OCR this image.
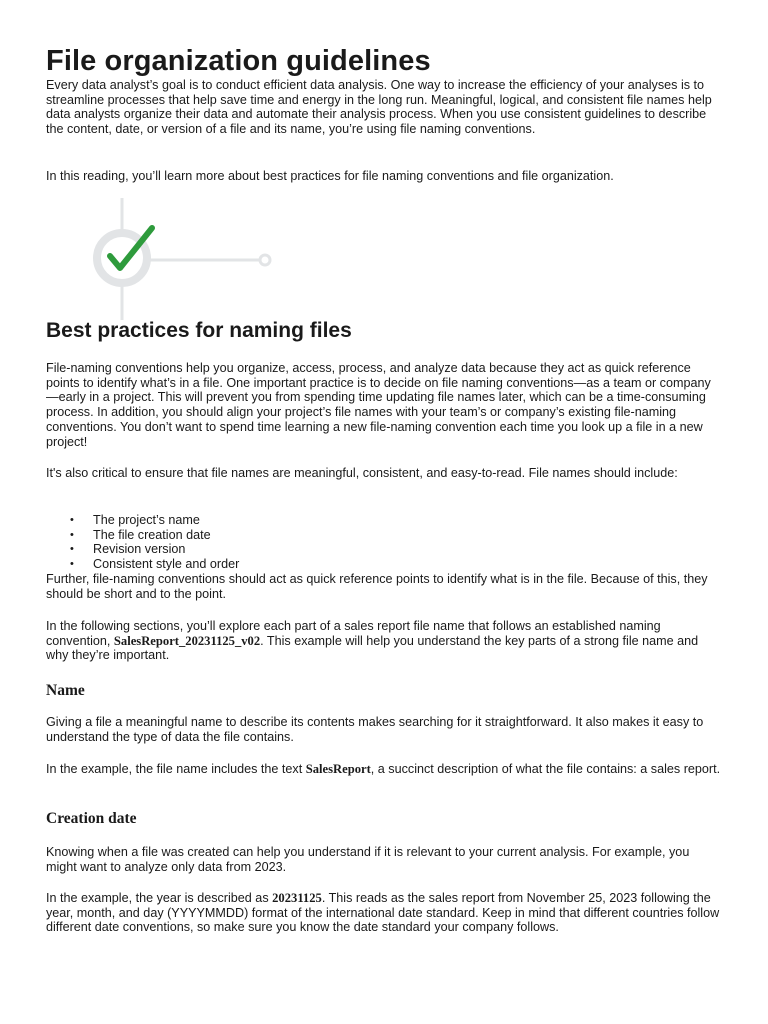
File organization guidelines

Every data analyst’s goal is to conduct efficient data analysis. One way to increase the efficiency of your analyses is to streamline processes that help save time and energy in the long run. Meaningful, logical, and consistent file names help data analysts organize their data and automate their analysis process. When you use consistent guidelines to describe the content, date, or version of a file and its name, you’re using file naming conventions.

In this reading, you’ll learn more about best practices for file naming conventions and file organization.

Best practices for naming files

File-naming conventions help you organize, access, process, and analyze data because they act as quick reference points to identify what’s in a file. One important practice is to decide on file naming conventions—as a team or company—early in a project. This will prevent you from spending time updating file names later, which can be a time-consuming process. In addition, you should align your project’s file names with your team’s or company’s existing file-naming conventions. You don’t want to spend time learning a new file-naming convention each time you look up a file in a new project!

It's also critical to ensure that file names are meaningful, consistent, and easy-to-read. File names should include:

• The project’s name
• The file creation date
• Revision version
• Consistent style and order

Further, file-naming conventions should act as quick reference points to identify what is in the file. Because of this, they should be short and to the point.

In the following sections, you’ll explore each part of a sales report file name that follows an established naming convention, SalesReport_20231125_v02. This example will help you understand the key parts of a strong file name and why they’re important.

Name

Giving a file a meaningful name to describe its contents makes searching for it straightforward. It also makes it easy to understand the type of data the file contains.

In the example, the file name includes the text SalesReport, a succinct description of what the file contains: a sales report.

Creation date

Knowing when a file was created can help you understand if it is relevant to your current analysis. For example, you might want to analyze only data from 2023.

In the example, the year is described as 20231125. This reads as the sales report from November 25, 2023 following the year, month, and day (YYYYMMDD) format of the international date standard. Keep in mind that different countries follow different date conventions, so make sure you know the date standard your company follows.
